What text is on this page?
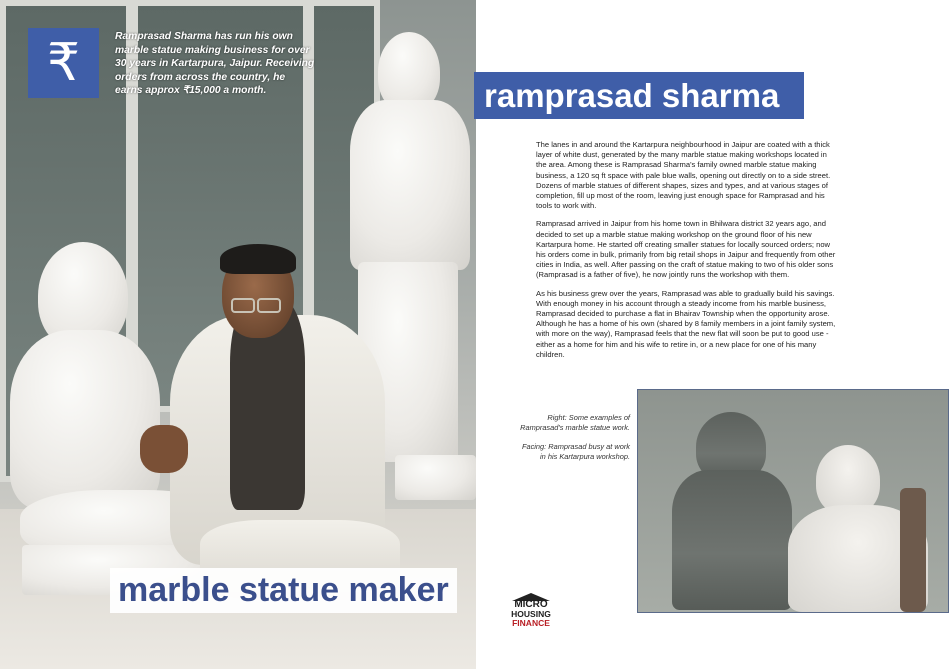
₹	Ramprasad Sharma has run his own marble statue making business for over 30 years in Kartarpura, Jaipur. Receiving orders from across the country, he earns approx ₹15,000 a month.
marble statue maker
ramprasad sharma

The lanes in and around the Kartarpura neighbourhood in Jaipur are coated with a thick layer of white dust, generated by the many marble statue making workshops located in the area. Among these is Ramprasad Sharma's family owned marble statue making business, a 120 sq ft space with pale blue walls, opening out directly on to a side street. Dozens of marble statues of different shapes, sizes and types, and at various stages of completion, fill up most of the room, leaving just enough space for Ramprasad and his tools to work with.

Ramprasad arrived in Jaipur from his home town in Bhilwara district 32 years ago, and decided to set up a marble statue making workshop on the ground floor of his new Kartarpura home. He started off creating smaller statues for locally sourced orders; now his orders come in bulk, primarily from big retail shops in Jaipur and frequently from other cities in India, as well. After passing on the craft of statue making to two of his older sons (Ramprasad is a father of five), he now jointly runs the workshop with them.

As his business grew over the years, Ramprasad was able to gradually build his savings. With enough money in his account through a steady income from his marble business, Ramprasad decided to purchase a flat in Bhairav Township when the opportunity arose. Although he has a home of his own (shared by 8 family members in a joint family system, with more on the way), Ramprasad feels that the new flat will soon be put to good use - either as a home for him and his wife to retire in, or a new place for one of his many children.

Right: Some examples of Ramprasad's marble statue work.

Facing: Ramprasad busy at work in his Kartarpura workshop.

MICRO
HOUSING
FINANCE
